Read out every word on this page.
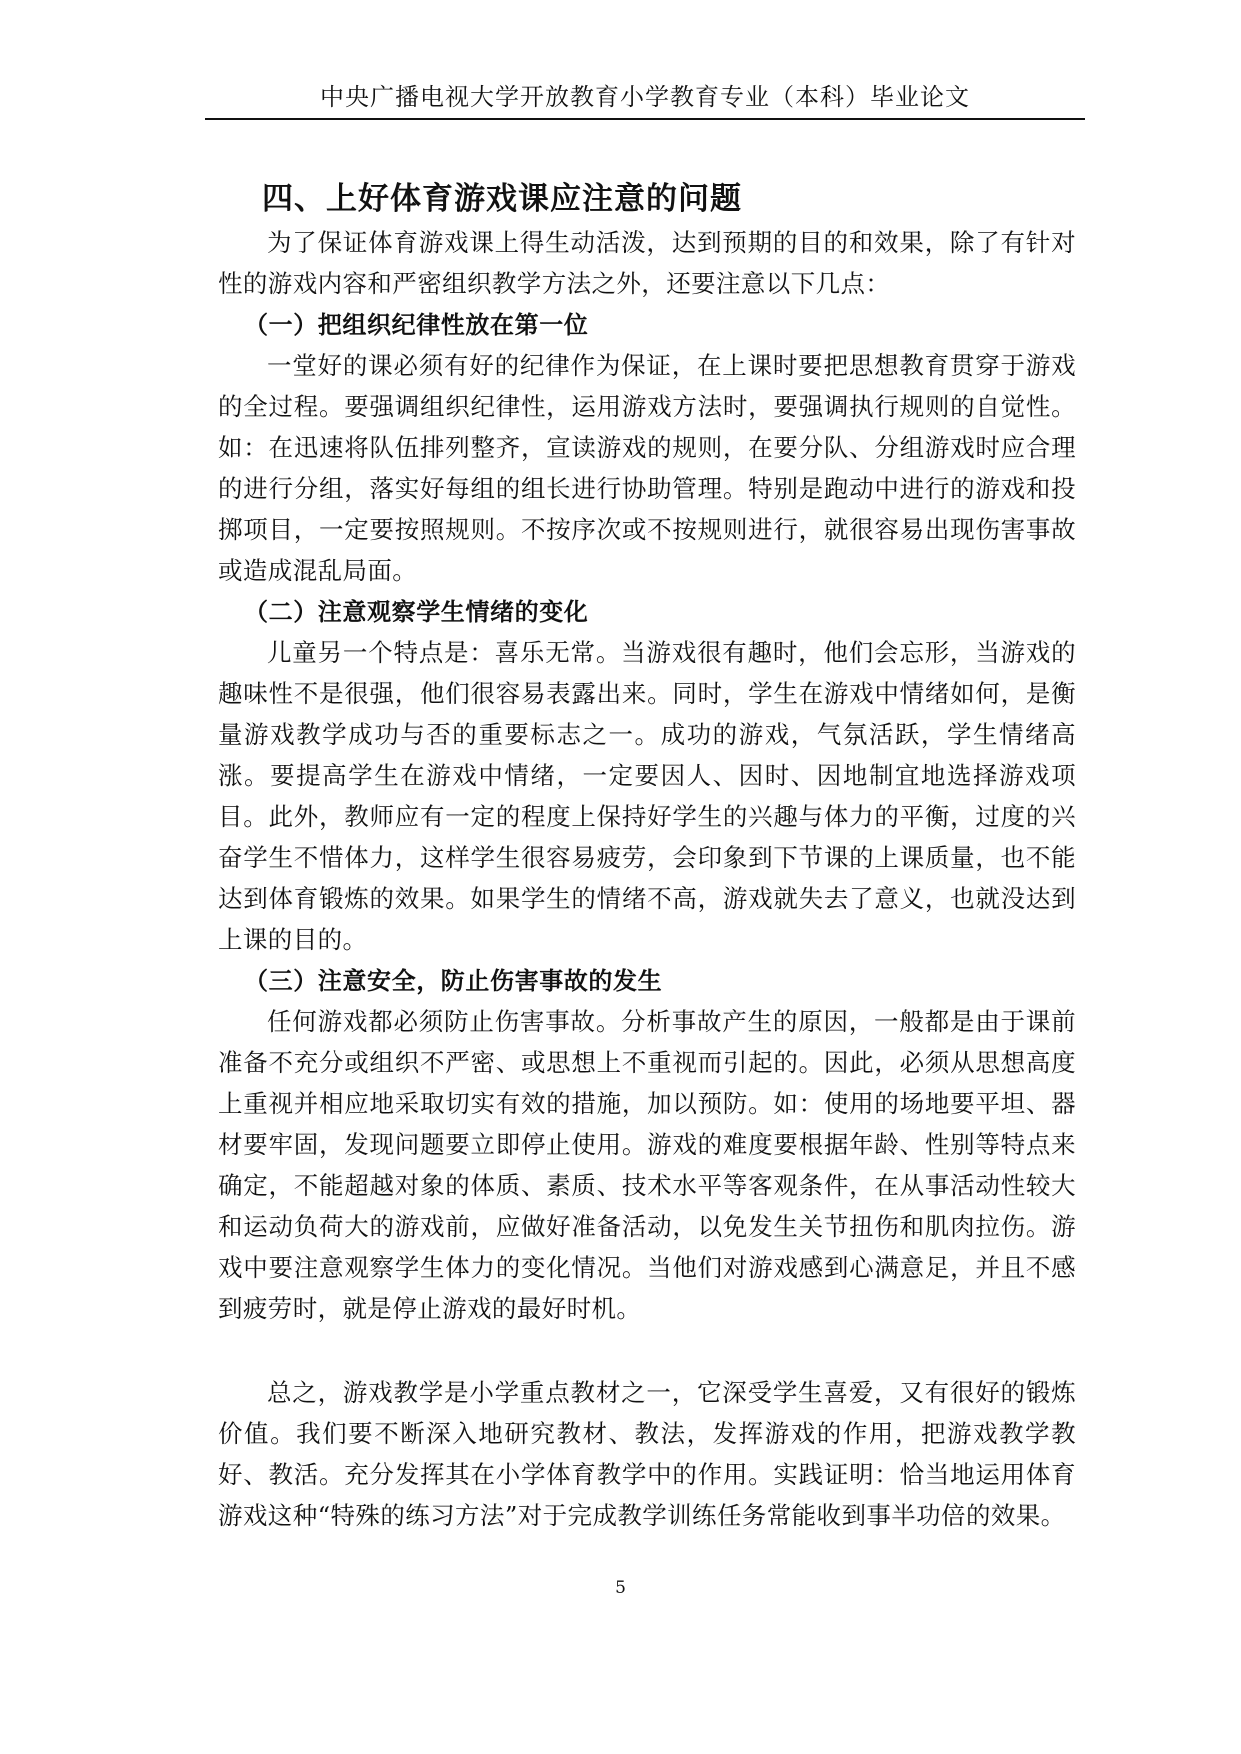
中央广播电视大学开放教育小学教育专业（本科）毕业论文
四、上好体育游戏课应注意的问题

为了保证体育游戏课上得生动活泼，达到预期的目的和效果，除了有针对性的游戏内容和严密组织教学方法之外，还要注意以下几点：

（一）把组织纪律性放在第一位

一堂好的课必须有好的纪律作为保证，在上课时要把思想教育贯穿于游戏的全过程。要强调组织纪律性，运用游戏方法时，要强调执行规则的自觉性。如：在迅速将队伍排列整齐，宣读游戏的规则，在要分队、分组游戏时应合理的进行分组，落实好每组的组长进行协助管理。特别是跑动中进行的游戏和投掷项目，一定要按照规则。不按序次或不按规则进行，就很容易出现伤害事故或造成混乱局面。

（二）注意观察学生情绪的变化

儿童另一个特点是：喜乐无常。当游戏很有趣时，他们会忘形，当游戏的趣味性不是很强，他们很容易表露出来。同时，学生在游戏中情绪如何，是衡量游戏教学成功与否的重要标志之一。成功的游戏，气氛活跃，学生情绪高涨。要提高学生在游戏中情绪，一定要因人、因时、因地制宜地选择游戏项目。此外，教师应有一定的程度上保持好学生的兴趣与体力的平衡，过度的兴奋学生不惜体力，这样学生很容易疲劳，会印象到下节课的上课质量，也不能达到体育锻炼的效果。如果学生的情绪不高，游戏就失去了意义，也就没达到上课的目的。

（三）注意安全，防止伤害事故的发生

任何游戏都必须防止伤害事故。分析事故产生的原因，一般都是由于课前准备不充分或组织不严密、或思想上不重视而引起的。因此，必须从思想高度上重视并相应地采取切实有效的措施，加以预防。如：使用的场地要平坦、器材要牢固，发现问题要立即停止使用。游戏的难度要根据年龄、性别等特点来确定，不能超越对象的体质、素质、技术水平等客观条件，在从事活动性较大和运动负荷大的游戏前，应做好准备活动，以免发生关节扭伤和肌肉拉伤。游戏中要注意观察学生体力的变化情况。当他们对游戏感到心满意足，并且不感到疲劳时，就是停止游戏的最好时机。

总之，游戏教学是小学重点教材之一，它深受学生喜爱，又有很好的锻炼价值。我们要不断深入地研究教材、教法，发挥游戏的作用，把游戏教学教好、教活。充分发挥其在小学体育教学中的作用。实践证明：恰当地运用体育游戏这种“特殊的练习方法”对于完成教学训练任务常能收到事半功倍的效果。

5
